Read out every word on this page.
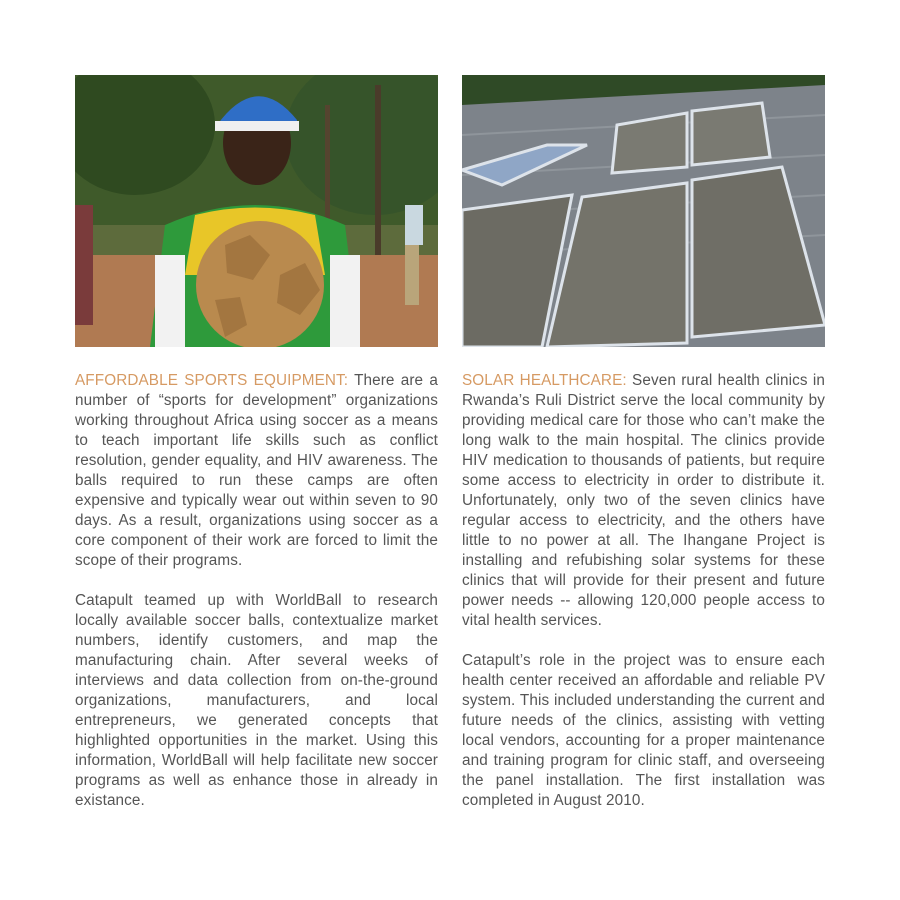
AFFORDABLE SPORTS EQUIPMENT: There are a number of “sports for development” organizations working throughout Africa using soccer as a means to teach important life skills such as conflict resolution, gender equality, and HIV awareness. The balls required to run these camps are often expensive and typically wear out within seven to 90 days. As a result, organizations using soccer as a core component of their work are forced to limit the scope of their programs.

Catapult teamed up with WorldBall to research locally available soccer balls, contextualize market numbers, identify customers, and map the manufacturing chain. After several weeks of interviews and data collection from on-the-ground organizations, manufacturers, and local entrepreneurs, we generated concepts that highlighted opportunities in the market. Using this information, WorldBall will help facilitate new soccer programs as well as enhance those in already in existance.

SOLAR HEALTHCARE: Seven rural health clinics in Rwanda’s Ruli District serve the local community by providing medical care for those who can’t make the long walk to the main hospital. The clinics provide HIV medication to thousands of patients, but require some access to electricity in order to distribute it. Unfortunately, only two of the seven clinics have regular access to electricity, and the others have little to no power at all. The Ihangane Project is installing and refubishing solar systems for these clinics that will provide for their present and future power needs -- allowing 120,000 people access to vital health services.

Catapult’s role in the project was to ensure each health center received an affordable and reliable PV system. This included understanding the current and future needs of the clinics, assisting with vetting local vendors, accounting for a proper maintenance and training program for clinic staff, and overseeing the panel installation. The first installation was completed in August 2010.
